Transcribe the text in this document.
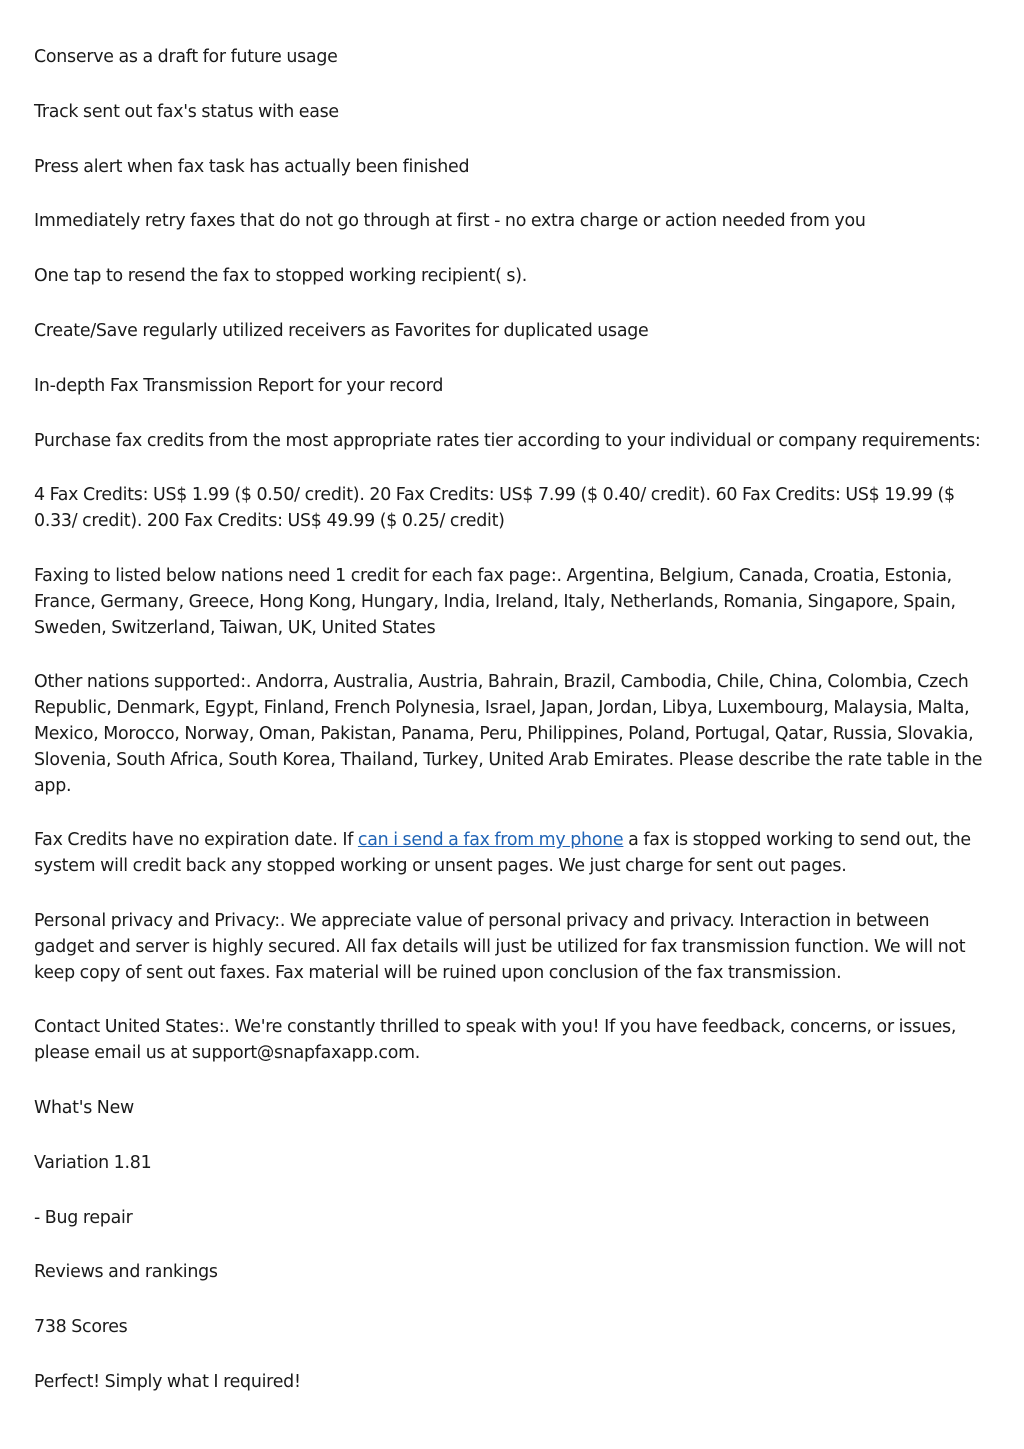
Conserve as a draft for future usage

Track sent out fax's status with ease

Press alert when fax task has actually been finished

Immediately retry faxes that do not go through at first - no extra charge or action needed from you

One tap to resend the fax to stopped working recipient( s).

Create/Save regularly utilized receivers as Favorites for duplicated usage

In-depth Fax Transmission Report for your record

Purchase fax credits from the most appropriate rates tier according to your individual or company requirements:

4 Fax Credits: US$ 1.99 ($ 0.50/ credit). 20 Fax Credits: US$ 7.99 ($ 0.40/ credit). 60 Fax Credits: US$ 19.99 ($ 0.33/ credit). 200 Fax Credits: US$ 49.99 ($ 0.25/ credit)

Faxing to listed below nations need 1 credit for each fax page:. Argentina, Belgium, Canada, Croatia, Estonia, France, Germany, Greece, Hong Kong, Hungary, India, Ireland, Italy, Netherlands, Romania, Singapore, Spain, Sweden, Switzerland, Taiwan, UK, United States

Other nations supported:. Andorra, Australia, Austria, Bahrain, Brazil, Cambodia, Chile, China, Colombia, Czech Republic, Denmark, Egypt, Finland, French Polynesia, Israel, Japan, Jordan, Libya, Luxembourg, Malaysia, Malta, Mexico, Morocco, Norway, Oman, Pakistan, Panama, Peru, Philippines, Poland, Portugal, Qatar, Russia, Slovakia, Slovenia, South Africa, South Korea, Thailand, Turkey, United Arab Emirates. Please describe the rate table in the app.

Fax Credits have no expiration date. If can i send a fax from my phone a fax is stopped working to send out, the system will credit back any stopped working or unsent pages. We just charge for sent out pages.

Personal privacy and Privacy:. We appreciate value of personal privacy and privacy. Interaction in between gadget and server is highly secured. All fax details will just be utilized for fax transmission function. We will not keep copy of sent out faxes. Fax material will be ruined upon conclusion of the fax transmission.

Contact United States:. We're constantly thrilled to speak with you! If you have feedback, concerns, or issues, please email us at support@snapfaxapp.com.

What's New

Variation 1.81

- Bug repair

Reviews and rankings

738 Scores

Perfect! Simply what I required!
